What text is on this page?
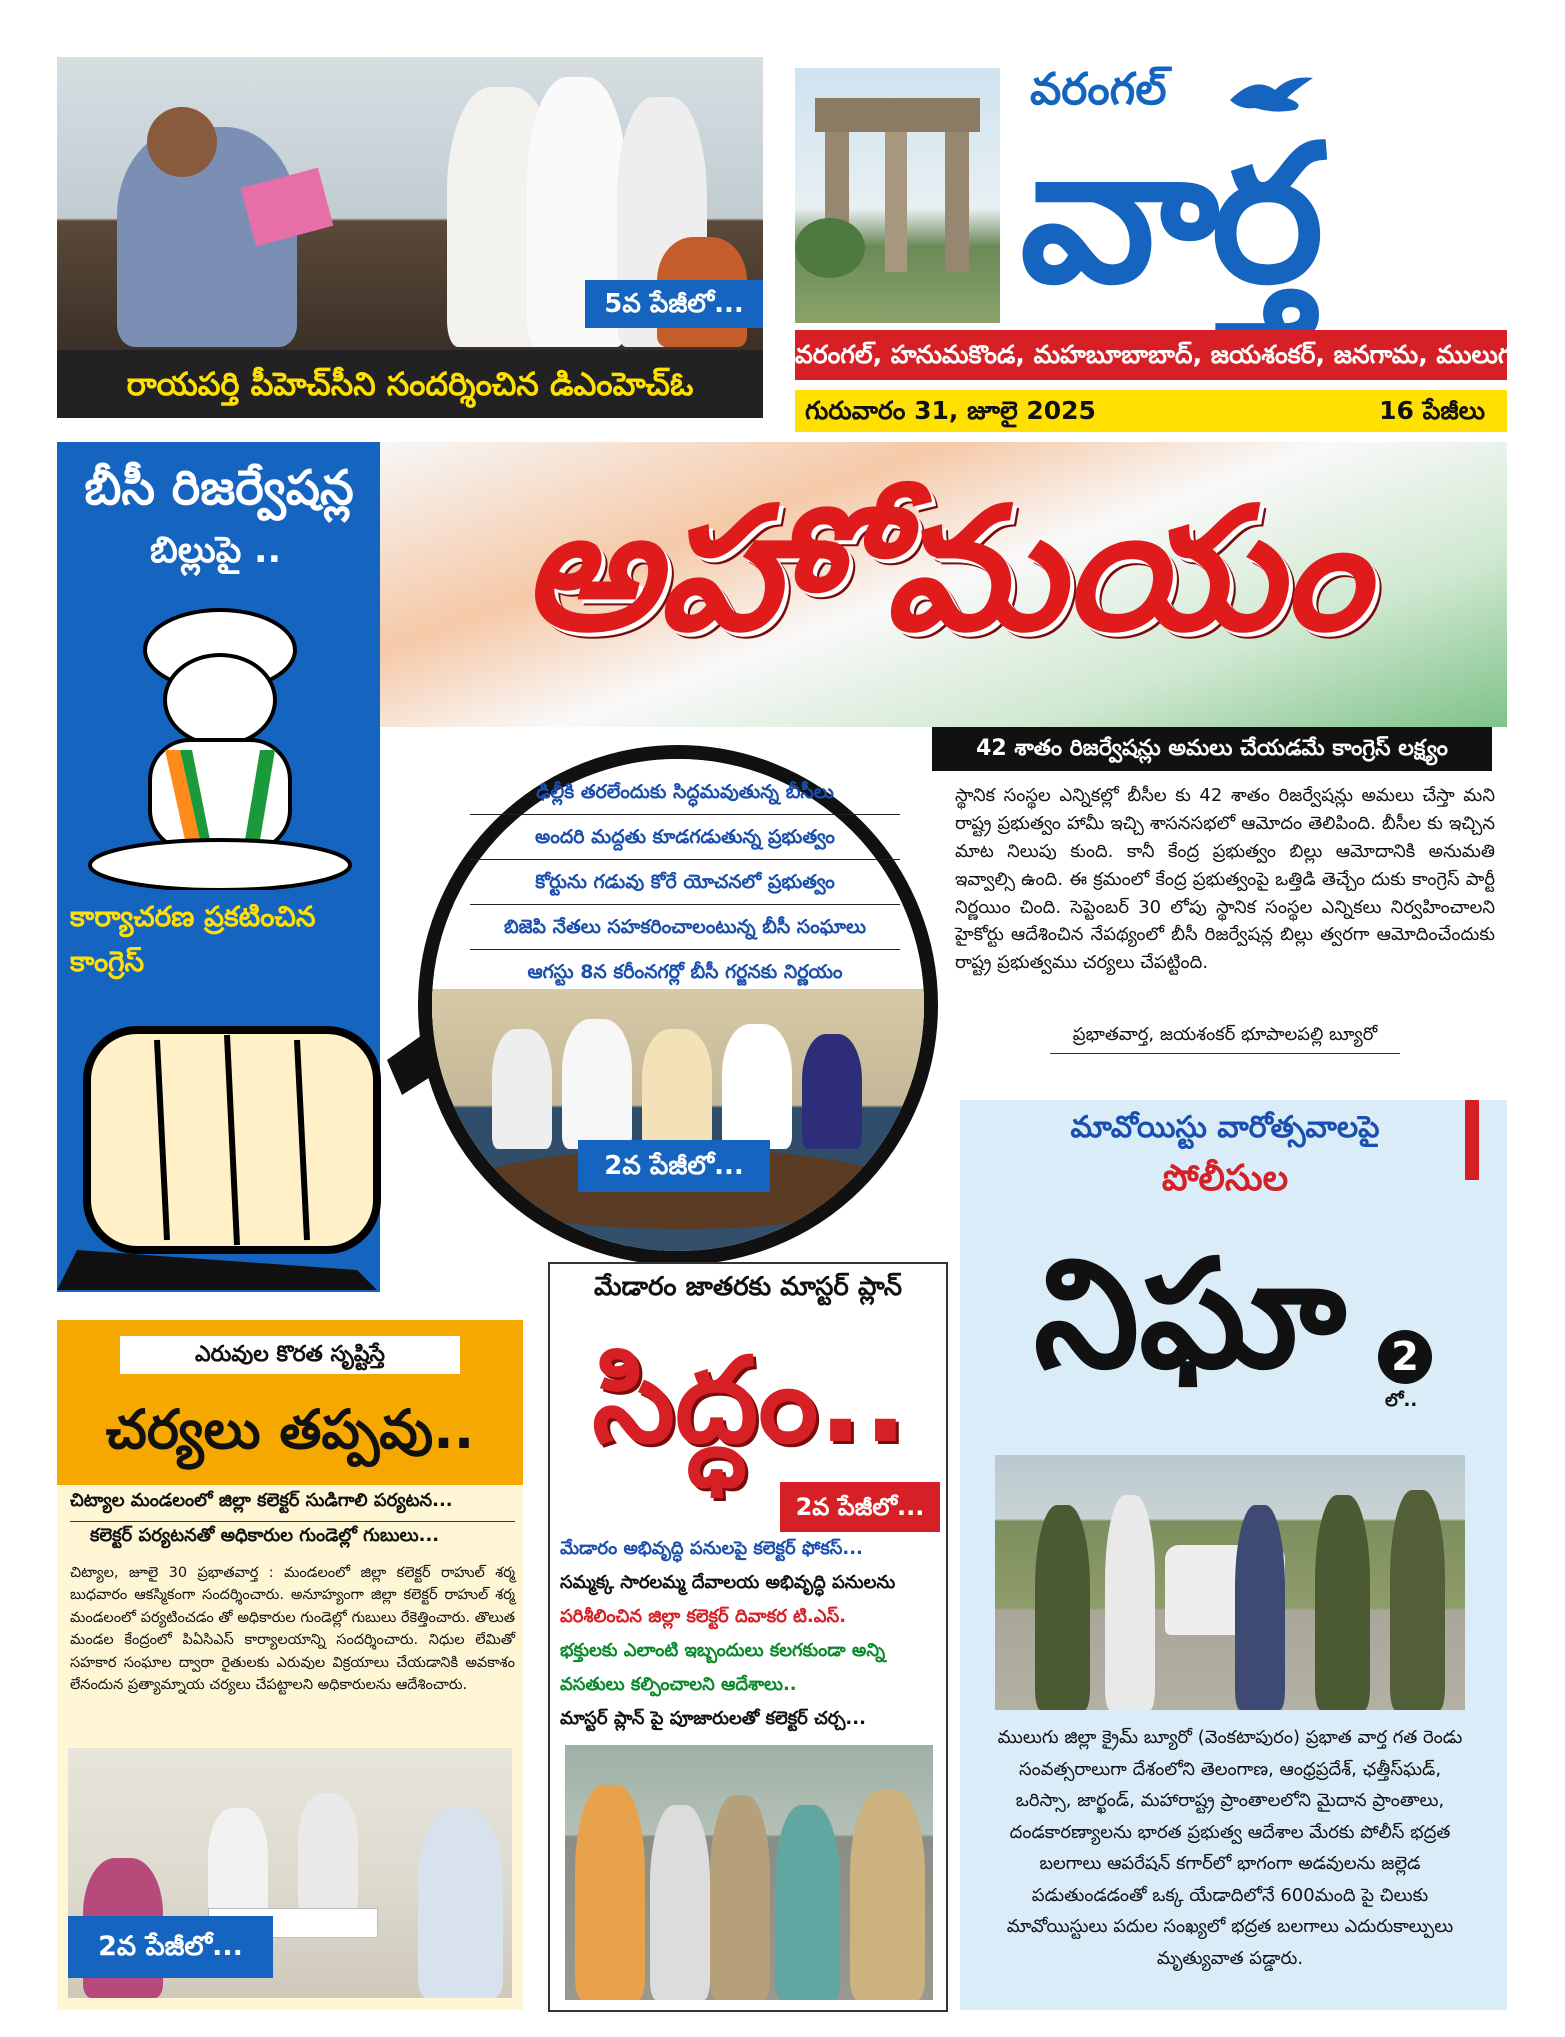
5వ పేజీలో...
రాయపర్తి పీహెచ్‌సీని సందర్శించిన డిఎంహెచ్‌ఓ
వరంగల్
వార్త
వరంగల్, హనుమకొండ, మహబూబాబాద్, జయశంకర్, జనగామ, ములుగు
గురువారం 31, జూలై 2025	16 పేజీలు
బీసీ రిజర్వేషన్ల
బిల్లుపై ..
కార్యాచరణ ప్రకటించిన
కాంగ్రెస్
అహోమయం
42 శాతం రిజర్వేషన్లు అమలు చేయడమే కాంగ్రెస్ లక్ష్యం
ఢిల్లీకి తరలేందుకు సిద్ధమవుతున్న బీసీలు
అందరి మద్దతు కూడగడుతున్న ప్రభుత్వం
కోర్టును గడువు కోరే యోచనలో ప్రభుత్వం
బిజెపి నేతలు సహకరించాలంటున్న బీసీ సంఘాలు
ఆగస్టు 8న కరీంనగర్లో బీసీ గర్జనకు నిర్ణయం
2వ పేజీలో...
స్థానిక సంస్థల ఎన్నికల్లో బీసీల కు 42 శాతం రిజర్వేషన్లు అమలు చేస్తా మని రాష్ట్ర ప్రభుత్వం హామీ ఇచ్చి శాసనసభలో ఆమోదం తెలిపింది. బీసీల కు ఇచ్చిన మాట నిలుపు కుంది. కానీ కేంద్ర ప్రభుత్వం బిల్లు ఆమోదానికి అనుమతి ఇవ్వాల్సి ఉంది. ఈ క్రమంలో కేంద్ర ప్రభుత్వంపై ఒత్తిడి తెచ్చేం దుకు కాంగ్రెస్ పార్టీ నిర్ణయిం చింది. సెప్టెంబర్ 30 లోపు స్థానిక సంస్థల ఎన్నికలు నిర్వహించాలని హైకోర్టు ఆదేశించిన నేపథ్యంలో బీసీ రిజర్వేషన్ల బిల్లు త్వరగా ఆమోదించేందుకు రాష్ట్ర ప్రభుత్వము చర్యలు చేపట్టింది.
ప్రభాతవార్త, జయశంకర్ భూపాలపల్లి బ్యూరో
ఎరువుల కొరత సృష్టిస్తే
చర్యలు తప్పవు..
చిట్యాల మండలంలో జిల్లా కలెక్టర్ సుడిగాలి పర్యటన...
కలెక్టర్ పర్యటనతో అధికారుల గుండెల్లో గుబులు...
చిట్యాల, జూలై 30 ప్రభాతవార్త : మండలంలో జిల్లా కలెక్టర్ రాహుల్ శర్మ బుధవారం ఆకస్మికంగా సందర్శించారు. అనూహ్యంగా జిల్లా కలెక్టర్ రాహుల్ శర్మ మండలంలో పర్యటించడం తో అధికారుల గుండెల్లో గుబులు రేకెత్తించారు. తొలుత మండల కేంద్రంలో పిఏసిఎస్ కార్యాలయాన్ని సందర్శించారు. నిధుల లేమితో సహకార సంఘాల ద్వారా రైతులకు ఎరువుల విక్రయాలు చేయడానికి అవకాశం లేనందున ప్రత్యామ్నాయ చర్యలు చేపట్టాలని అధికారులను ఆదేశించారు.
2వ పేజీలో...
మేడారం జాతరకు మాస్టర్ ప్లాన్
సిద్ధం..
2వ పేజీలో...
మేడారం అభివృద్ధి పనులపై కలెక్టర్ ఫోకస్...
సమ్మక్క సారలమ్మ దేవాలయ అభివృద్ధి పనులను
పరిశీలించిన జిల్లా కలెక్టర్ దివాకర టి.ఎస్.
భక్తులకు ఎలాంటి ఇబ్బందులు కలగకుండా అన్ని
వసతులు కల్పించాలని ఆదేశాలు..
మాస్టర్ ప్లాన్ పై పూజారులతో కలెక్టర్ చర్చ...
మావోయిస్టు వారోత్సవాలపై
పోలీసుల
నిఘా	2
లో..
ములుగు జిల్లా క్రైమ్ బ్యూరో (వెంకటాపురం) ప్రభాత వార్త గత రెండు సంవత్సరాలుగా దేశంలోని తెలంగాణ, ఆంధ్రప్రదేశ్, ఛత్తీస్‌ఘడ్, ఒరిస్సా, జార్ఖండ్, మహారాష్ట్ర ప్రాంతాలలోని మైదాన ప్రాంతాలు, దండకారణ్యాలను భారత ప్రభుత్వ ఆదేశాల మేరకు పోలీస్ భద్రత బలగాలు ఆపరేషన్ కగార్‌లో భాగంగా అడవులను జల్లెడ పడుతుండడంతో ఒక్క యేడాదిలోనే 600మంది పై చిలుకు మావోయిస్టులు పదుల సంఖ్యలో భద్రత బలగాలు ఎదురుకాల్పులు మృత్యువాత పడ్డారు.
